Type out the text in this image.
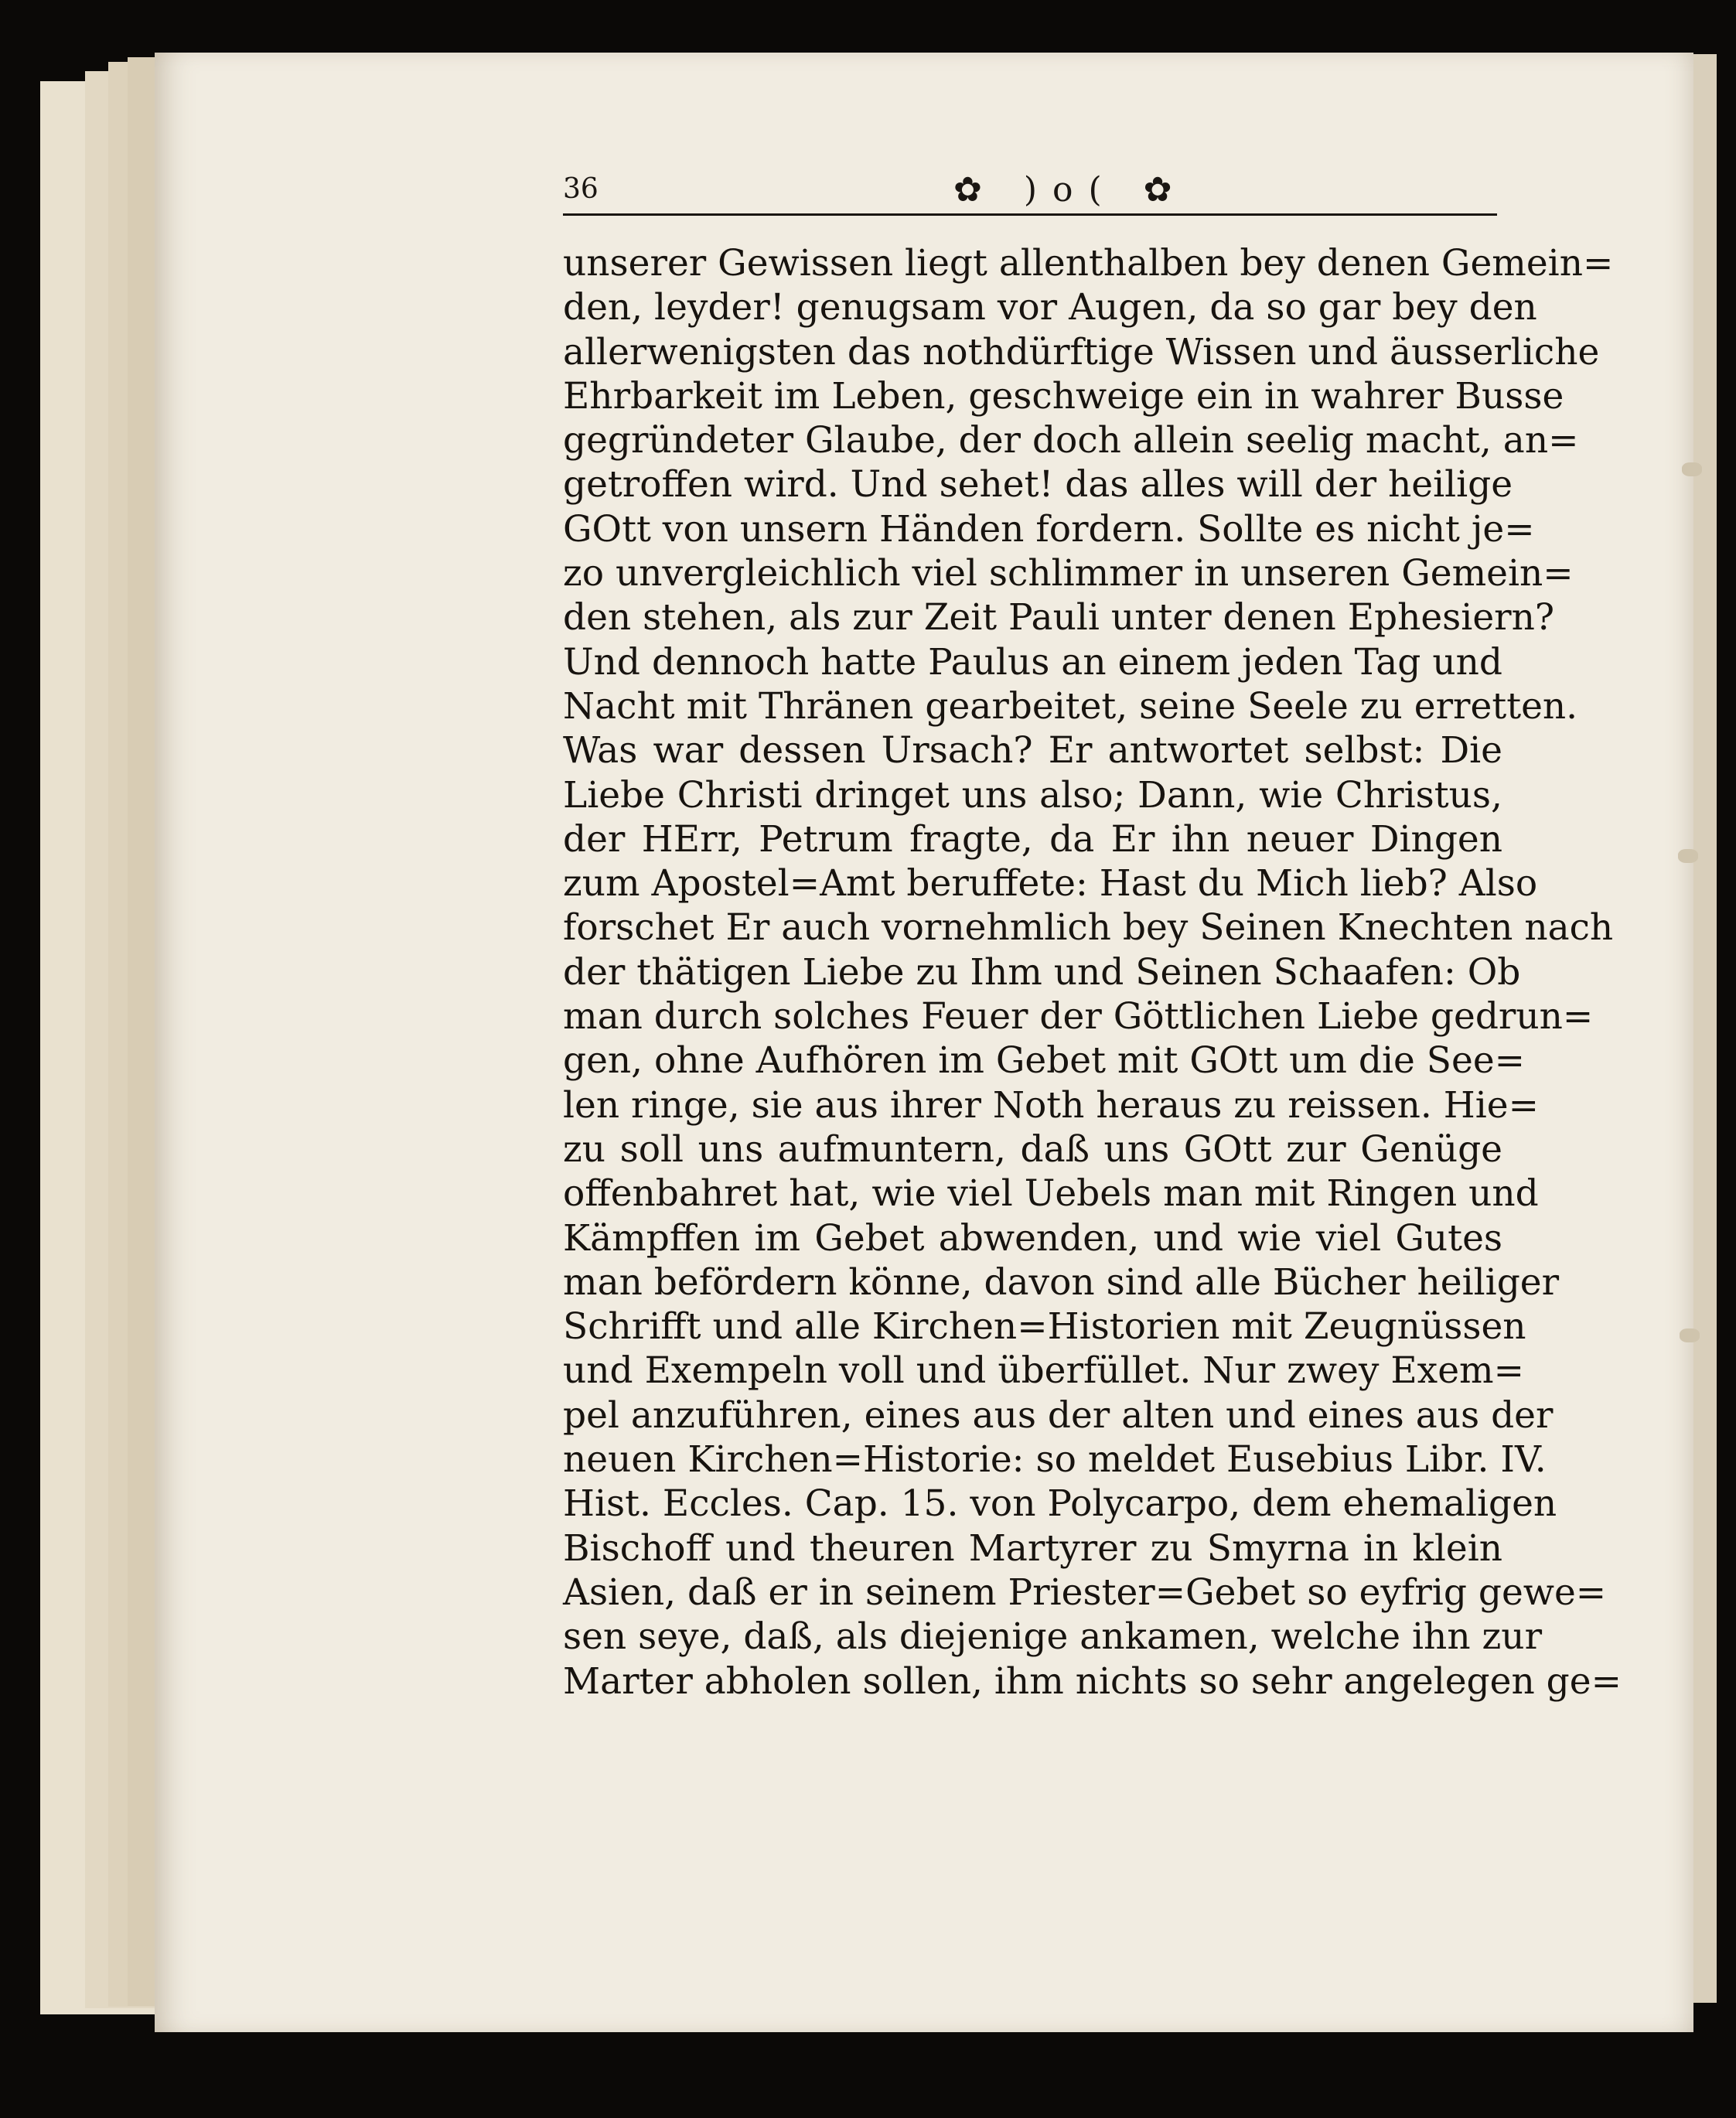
36	✿ )o( ✿
unserer Gewissen liegt allenthalben bey denen Gemein=
den, leyder! genugsam vor Augen, da so gar bey den
allerwenigsten das nothdürftige Wissen und äusserliche
Ehrbarkeit im Leben, geschweige ein in wahrer Busse
gegründeter Glaube, der doch allein seelig macht, an=
getroffen wird. Und sehet! das alles will der heilige
GOtt von unsern Händen fordern. Sollte es nicht je=
zo unvergleichlich viel schlimmer in unseren Gemein=
den stehen, als zur Zeit Pauli unter denen Ephesiern?
Und dennoch hatte Paulus an einem jeden Tag und
Nacht mit Thränen gearbeitet, seine Seele zu erretten.
Was war dessen Ursach? Er antwortet selbst: Die
Liebe Christi dringet uns also; Dann, wie Christus,
der HErr, Petrum fragte, da Er ihn neuer Dingen
zum Apostel=Amt beruffete: Hast du Mich lieb? Also
forschet Er auch vornehmlich bey Seinen Knechten nach
der thätigen Liebe zu Ihm und Seinen Schaafen: Ob
man durch solches Feuer der Göttlichen Liebe gedrun=
gen, ohne Aufhören im Gebet mit GOtt um die See=
len ringe, sie aus ihrer Noth heraus zu reissen. Hie=
zu soll uns aufmuntern, daß uns GOtt zur Genüge
offenbahret hat, wie viel Uebels man mit Ringen und
Kämpffen im Gebet abwenden, und wie viel Gutes
man befördern könne, davon sind alle Bücher heiliger
Schrifft und alle Kirchen=Historien mit Zeugnüssen
und Exempeln voll und überfüllet. Nur zwey Exem=
pel anzuführen, eines aus der alten und eines aus der
neuen Kirchen=Historie: so meldet Eusebius Libr. IV.
Hist. Eccles. Cap. 15. von Polycarpo, dem ehemaligen
Bischoff und theuren Martyrer zu Smyrna in klein
Asien, daß er in seinem Priester=Gebet so eyfrig gewe=
sen seye, daß, als diejenige ankamen, welche ihn zur
Marter abholen sollen, ihm nichts so sehr angelegen ge=
